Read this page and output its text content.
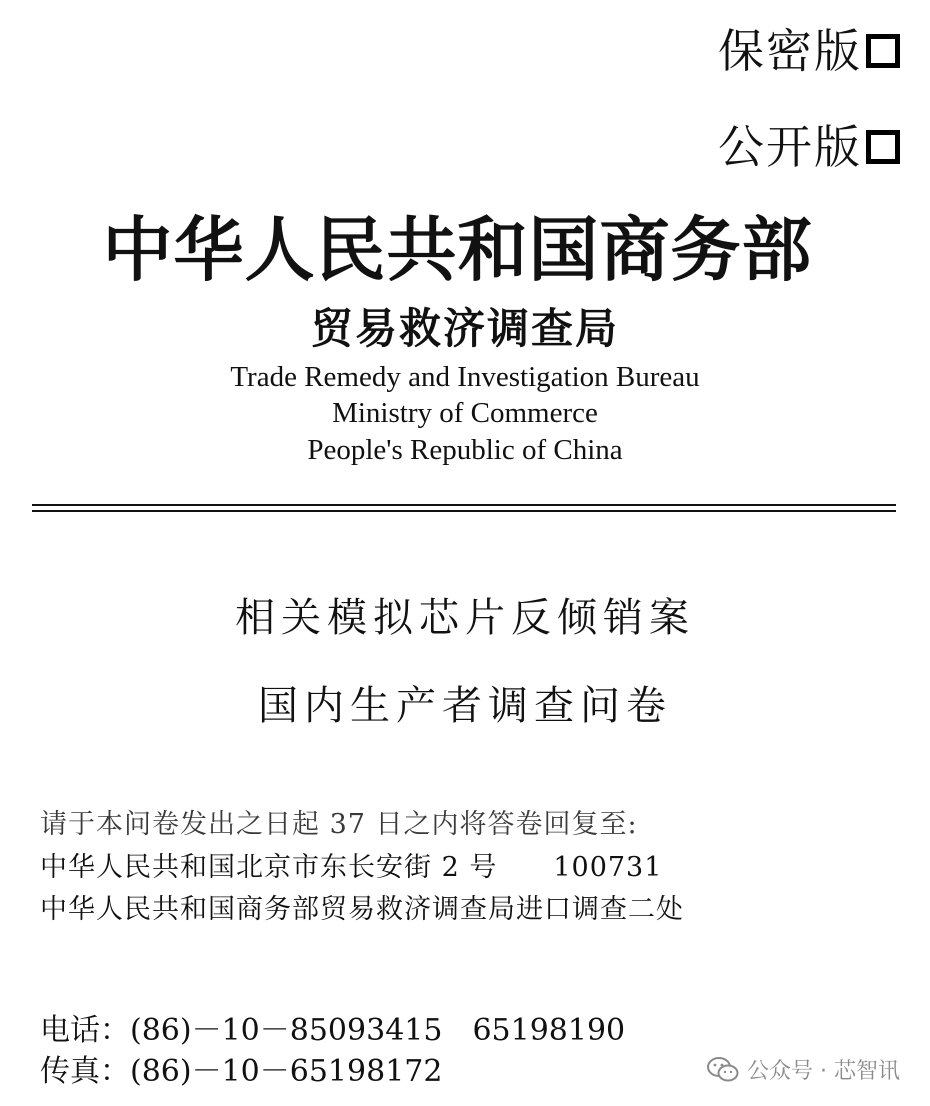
保密版
公开版
中华人民共和国商务部
贸易救济调查局
Trade Remedy and Investigation Bureau
Ministry of Commerce
People's Republic of China
相关模拟芯片反倾销案
国内生产者调查问卷
请于本问卷发出之日起 37 日之内将答卷回复至:
中华人民共和国北京市东长安街 2 号　　100731
中华人民共和国商务部贸易救济调查局进口调查二处
电话：(86)－10－85093415　65198190
传真：(86)－10－65198172	公众号 · 芯智讯
